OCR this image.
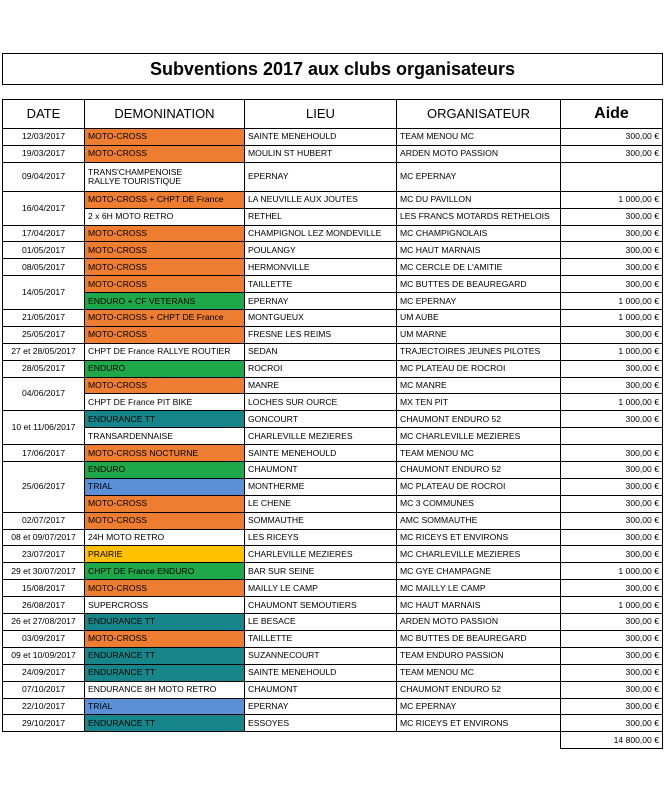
Subventions 2017 aux clubs organisateurs
DATE	DEMONINATION	LIEU	ORGANISATEUR	Aide
12/03/2017	MOTO-CROSS	SAINTE MENEHOULD	TEAM MENOU MC	300,00 €
19/03/2017	MOTO-CROSS	MOULIN ST HUBERT	ARDEN MOTO PASSION	300,00 €
09/04/2017	TRANS'CHAMPENOISE
RALLYE TOURISTIQUE	EPERNAY	MC EPERNAY	
16/04/2017	MOTO-CROSS + CHPT DE France	LA NEUVILLE AUX JOUTES	MC DU PAVILLON	1 000,00 €
	2 x 6H MOTO RETRO	RETHEL	LES FRANCS MOTARDS RETHELOIS	300,00 €
17/04/2017	MOTO-CROSS	CHAMPIGNOL LEZ MONDEVILLE	MC CHAMPIGNOLAIS	300,00 €
01/05/2017	MOTO-CROSS	POULANGY	MC HAUT MARNAIS	300,00 €
08/05/2017	MOTO-CROSS	HERMONVILLE	MC CERCLE DE L'AMITIE	300,00 €
14/05/2017	MOTO-CROSS	TAILLETTE	MC BUTTES DE BEAUREGARD	300,00 €
	ENDURO + CF VETERANS	EPERNAY	MC EPERNAY	1 000,00 €
21/05/2017	MOTO-CROSS + CHPT DE France	MONTGUEUX	UM AUBE	1 000,00 €
25/05/2017	MOTO-CROSS	FRESNE LES REIMS	UM MARNE	300,00 €
27 et 28/05/2017	CHPT DE France RALLYE ROUTIER	SEDAN	TRAJECTOIRES JEUNES PILOTES	1 000,00 €
28/05/2017	ENDURO	ROCROI	MC PLATEAU DE ROCROI	300,00 €
04/06/2017	MOTO-CROSS	MANRE	MC MANRE	300,00 €
	CHPT DE France PIT BIKE	LOCHES SUR OURCE	MX TEN PIT	1 000,00 €
10 et 11/06/2017	ENDURANCE TT	GONCOURT	CHAUMONT ENDURO 52	300,00 €
	TRANSARDENNAISE	CHARLEVILLE MEZIERES	MC CHARLEVILLE MEZIERES	
17/06/2017	MOTO-CROSS NOCTURNE	SAINTE MENEHOULD	TEAM MENOU MC	300,00 €
25/06/2017	ENDURO	CHAUMONT	CHAUMONT ENDURO 52	300,00 €
	TRIAL	MONTHERME	MC PLATEAU DE ROCROI	300,00 €
	MOTO-CROSS	LE CHENE	MC 3 COMMUNES	300,00 €
02/07/2017	MOTO-CROSS	SOMMAUTHE	AMC SOMMAUTHE	300,00 €
08 et 09/07/2017	24H MOTO RETRO	LES RICEYS	MC RICEYS ET ENVIRONS	300,00 €
23/07/2017	PRAIRIE	CHARLEVILLE MEZIERES	MC CHARLEVILLE MEZIERES	300,00 €
29 et 30/07/2017	CHPT DE France ENDURO	BAR SUR SEINE	MC GYE CHAMPAGNE	1 000,00 €
15/08/2017	MOTO-CROSS	MAILLY LE CAMP	MC MAILLY LE CAMP	300,00 €
26/08/2017	SUPERCROSS	CHAUMONT SEMOUTIERS	MC HAUT MARNAIS	1 000,00 €
26 et 27/08/2017	ENDURANCE TT	LE BESACE	ARDEN MOTO PASSION	300,00 €
03/09/2017	MOTO-CROSS	TAILLETTE	MC BUTTES DE BEAUREGARD	300,00 €
09 et 10/09/2017	ENDURANCE TT	SUZANNECOURT	TEAM ENDURO PASSION	300,00 €
24/09/2017	ENDURANCE TT	SAINTE MENEHOULD	TEAM MENOU MC	300,00 €
07/10/2017	ENDURANCE 8H MOTO RETRO	CHAUMONT	CHAUMONT ENDURO 52	300,00 €
22/10/2017	TRIAL	EPERNAY	MC EPERNAY	300,00 €
29/10/2017	ENDURANCE TT	ESSOYES	MC RICEYS ET ENVIRONS	300,00 €
				14 800,00 €
